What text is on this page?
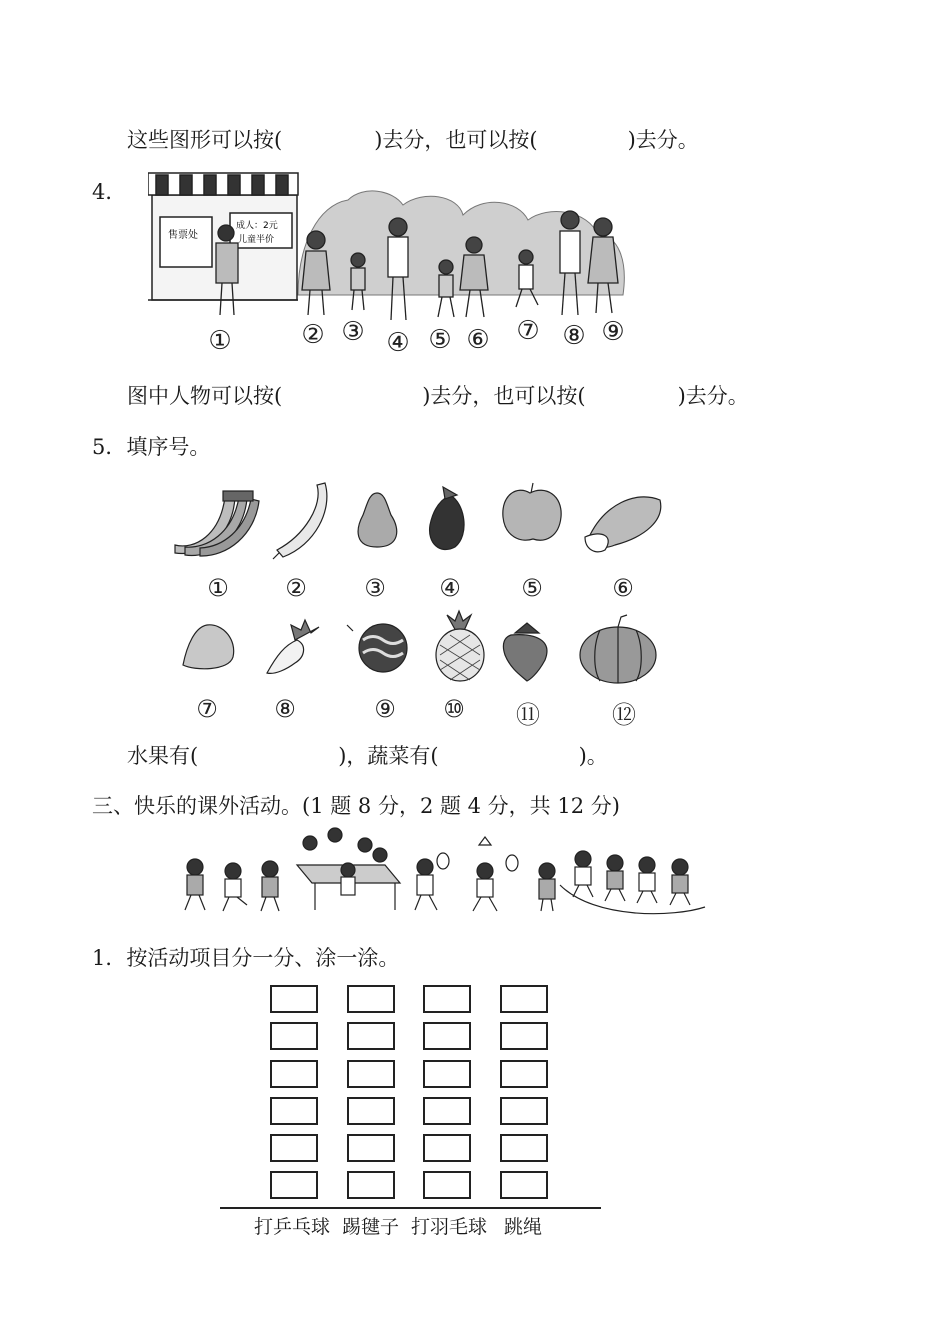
这些图形可以按(	)去分，也可以按(	)去分。
4．
售票处
成人：2元
儿童半价
①	② ③ ④ ⑤ ⑥ ⑦ ⑧ ⑨
图中人物可以按(	)去分，也可以按(	)去分。
5．填序号。
①	②	③	④	⑤	⑥
⑦	⑧	⑨	⑩	⑪	⑫
水果有(	)，蔬菜有(	)。
三、快乐的课外活动。(1 题 8 分，2 题 4 分，共 12 分)
1．按活动项目分一分、涂一涂。
打乒乓球 踢毽子 打羽毛球 跳绳
